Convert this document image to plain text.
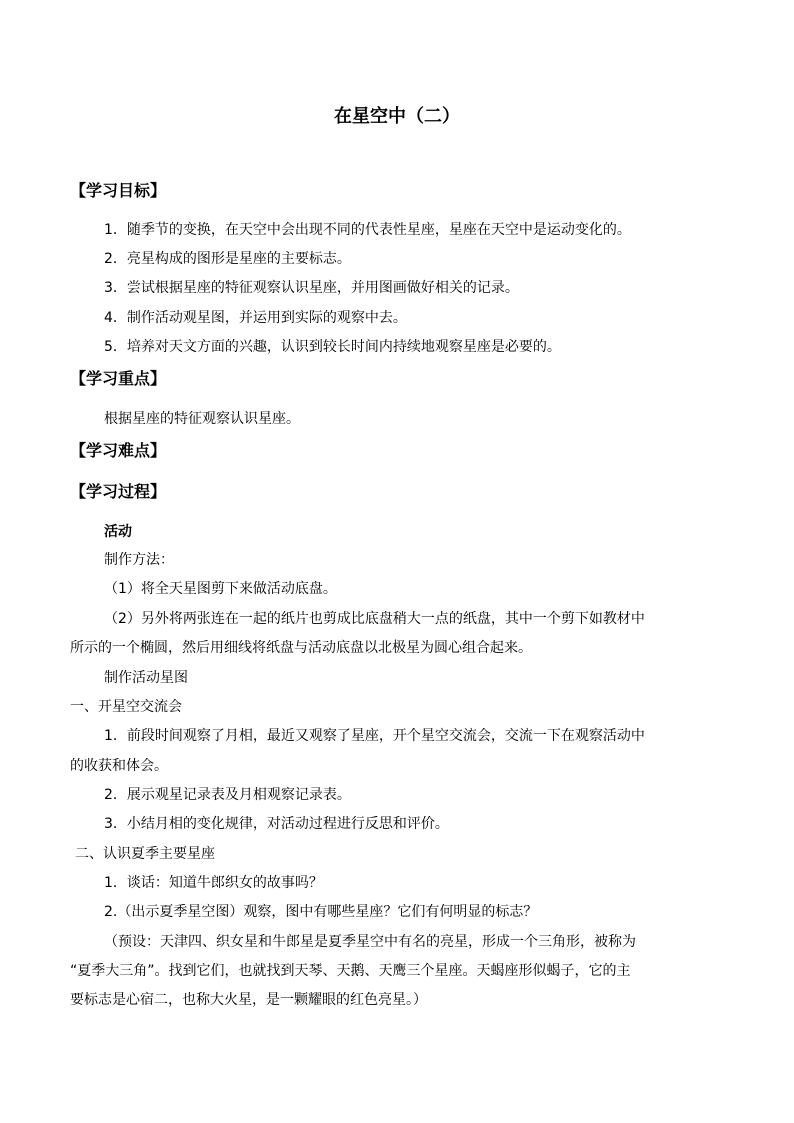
在星空中（二）
【学习目标】
1．随季节的变换，在天空中会出现不同的代表性星座，星座在天空中是运动变化的。
2．亮星构成的图形是星座的主要标志。
3．尝试根据星座的特征观察认识星座，并用图画做好相关的记录。
4．制作活动观星图，并运用到实际的观察中去。
5．培养对天文方面的兴趣，认识到较长时间内持续地观察星座是必要的。
【学习重点】
根据星座的特征观察认识星座。
【学习难点】
【学习过程】
活动
制作方法：
（1）将全天星图剪下来做活动底盘。
（2）另外将两张连在一起的纸片也剪成比底盘稍大一点的纸盘，其中一个剪下如教材中
所示的一个椭圆，然后用细线将纸盘与活动底盘以北极星为圆心组合起来。
制作活动星图
一、开星空交流会
1．前段时间观察了月相，最近又观察了星座，开个星空交流会，交流一下在观察活动中
的收获和体会。
2．展示观星记录表及月相观察记录表。
3．小结月相的变化规律，对活动过程进行反思和评价。
二、认识夏季主要星座
1．谈话：知道牛郎织女的故事吗？
2.（出示夏季星空图）观察，图中有哪些星座？它们有何明显的标志？
（预设：天津四、织女星和牛郎星是夏季星空中有名的亮星，形成一个三角形，被称为
“夏季大三角”。找到它们，也就找到天琴、天鹅、天鹰三个星座。天蝎座形似蝎子，它的主
要标志是心宿二，也称大火星，是一颗耀眼的红色亮星。）
